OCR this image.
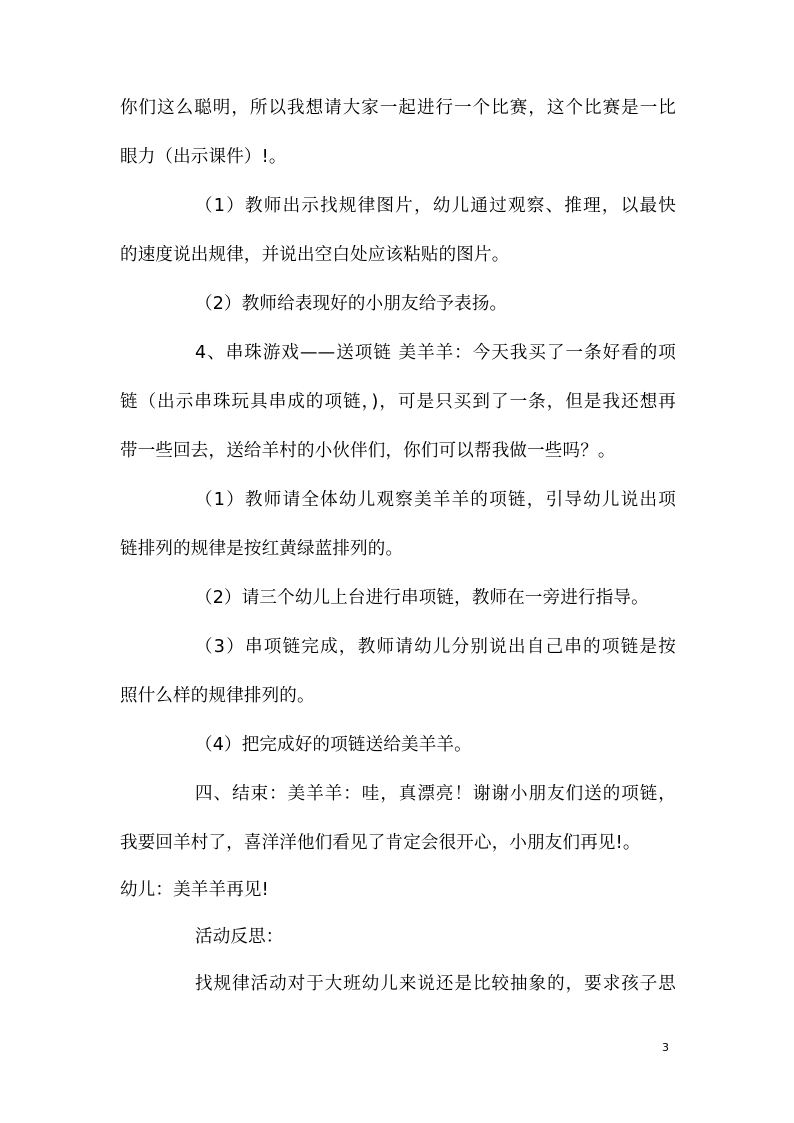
你们这么聪明，所以我想请大家一起进行一个比赛，这个比赛是一比

眼力（出示课件）!。

（1）教师出示找规律图片，幼儿通过观察、推理，以最快

的速度说出规律，并说出空白处应该粘贴的图片。

（2）教师给表现好的小朋友给予表扬。

4、串珠游戏——送项链 美羊羊：今天我买了一条好看的项

链（出示串珠玩具串成的项链，)，可是只买到了一条，但是我还想再

带一些回去，送给羊村的小伙伴们，你们可以帮我做一些吗？。

（1）教师请全体幼儿观察美羊羊的项链，引导幼儿说出项

链排列的规律是按红黄绿蓝排列的。

（2）请三个幼儿上台进行串项链，教师在一旁进行指导。

（3）串项链完成，教师请幼儿分别说出自己串的项链是按

照什么样的规律排列的。

（4）把完成好的项链送给美羊羊。

四、结束：美羊羊：哇，真漂亮！谢谢小朋友们送的项链，

我要回羊村了，喜洋洋他们看见了肯定会很开心，小朋友们再见!。

幼儿：美羊羊再见!

活动反思：

找规律活动对于大班幼儿来说还是比较抽象的，要求孩子思

3
